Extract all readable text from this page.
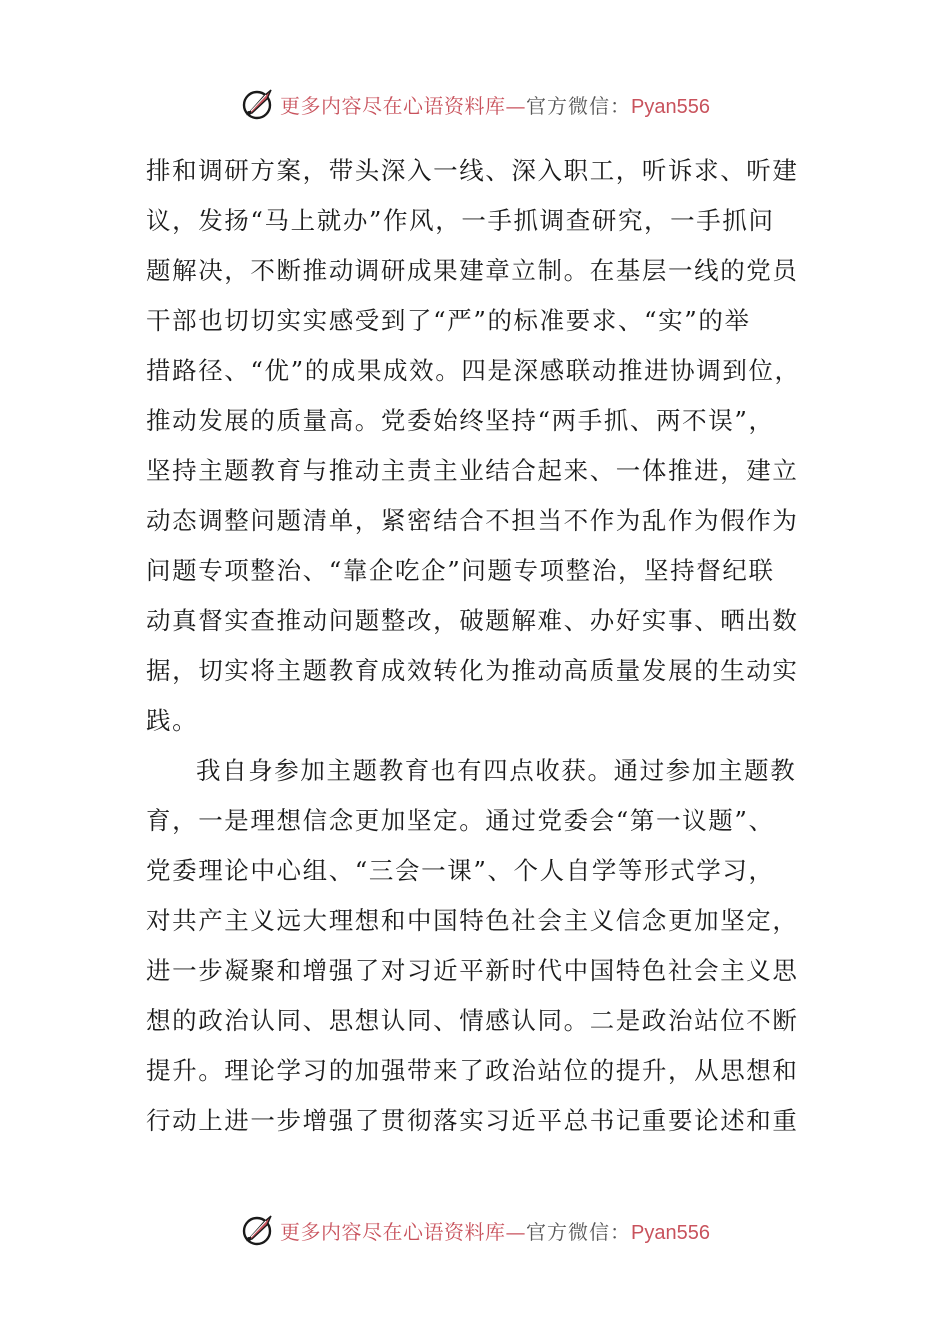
更多内容尽在心语资料库— 官方微信： Pyan556
排和调研方案，带头深入一线、深入职工，听诉求、听建
议，发扬“马上就办”作风，一手抓调查研究，一手抓问
题解决，不断推动调研成果建章立制。在基层一线的党员
干部也切切实实感受到了“严”的标准要求、“实”的举
措路径、“优”的成果成效。四是深感联动推进协调到位，
推动发展的质量高。党委始终坚持“两手抓、两不误”，
坚持主题教育与推动主责主业结合起来、一体推进，建立
动态调整问题清单，紧密结合不担当不作为乱作为假作为
问题专项整治、“靠企吃企”问题专项整治，坚持督纪联
动真督实查推动问题整改，破题解难、办好实事、晒出数
据，切实将主题教育成效转化为推动高质量发展的生动实
践。
我自身参加主题教育也有四点收获。通过参加主题教
育，一是理想信念更加坚定。通过党委会“第一议题”、
党委理论中心组、“三会一课”、个人自学等形式学习，
对共产主义远大理想和中国特色社会主义信念更加坚定，
进一步凝聚和增强了对习近平新时代中国特色社会主义思
想的政治认同、思想认同、情感认同。二是政治站位不断
提升。理论学习的加强带来了政治站位的提升，从思想和
行动上进一步增强了贯彻落实习近平总书记重要论述和重
更多内容尽在心语资料库— 官方微信： Pyan556
